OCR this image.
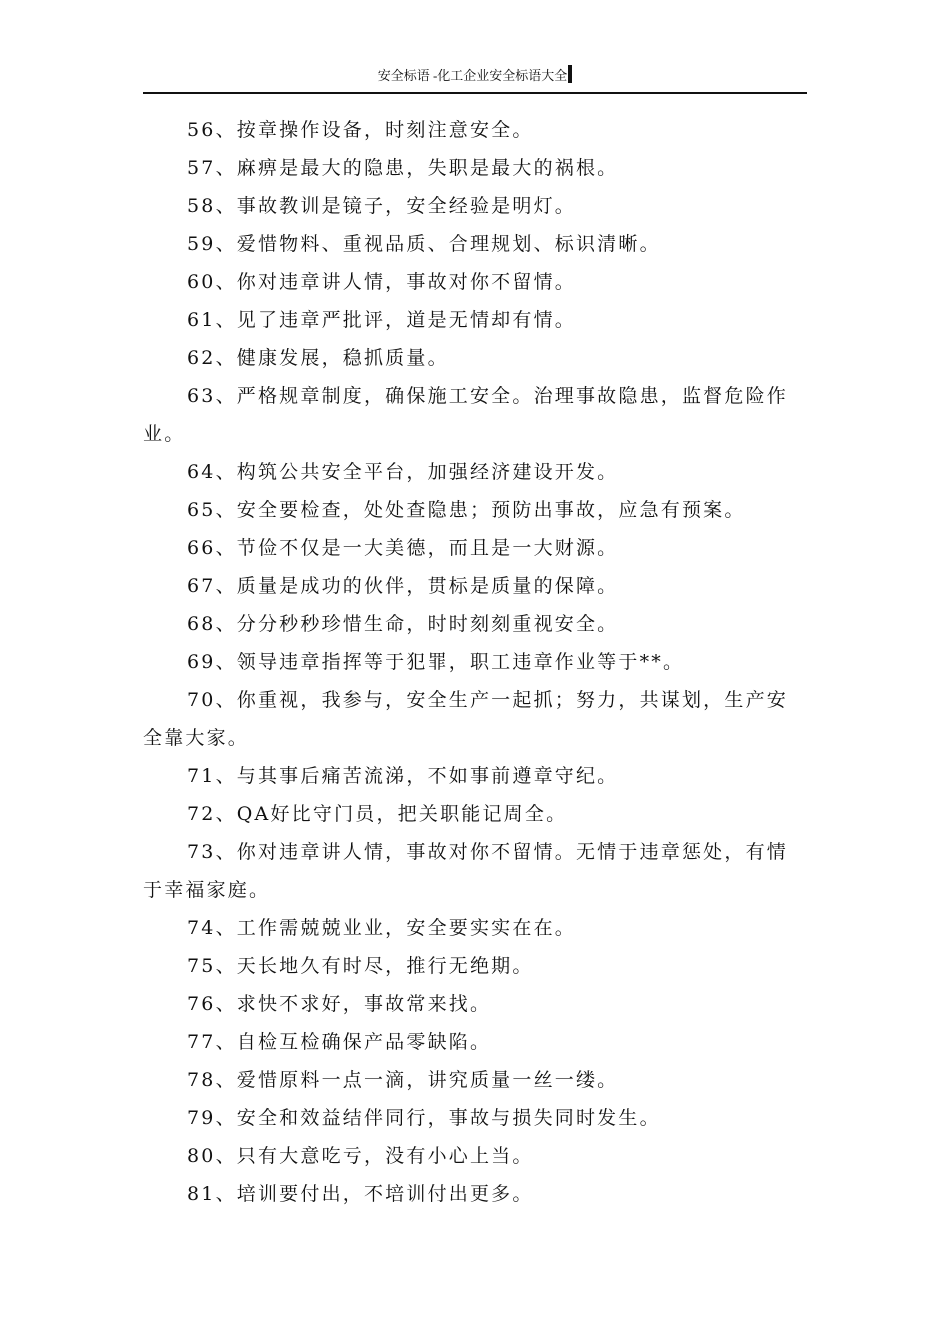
安全标语 -化工企业安全标语大全

56、按章操作设备，时刻注意安全。

57、麻痹是最大的隐患，失职是最大的祸根。

58、事故教训是镜子，安全经验是明灯。

59、爱惜物料、重视品质、合理规划、标识清晰。

60、你对违章讲人情，事故对你不留情。

61、见了违章严批评，道是无情却有情。

62、健康发展，稳抓质量。

63、严格规章制度，确保施工安全。治理事故隐患，监督危险作业。

64、构筑公共安全平台，加强经济建设开发。

65、安全要检查，处处查隐患；预防出事故，应急有预案。

66、节俭不仅是一大美德，而且是一大财源。

67、质量是成功的伙伴，贯标是质量的保障。

68、分分秒秒珍惜生命，时时刻刻重视安全。

69、领导违章指挥等于犯罪，职工违章作业等于**。

70、你重视，我参与，安全生产一起抓；努力，共谋划，生产安全靠大家。

71、与其事后痛苦流涕，不如事前遵章守纪。

72、QA好比守门员，把关职能记周全。

73、你对违章讲人情，事故对你不留情。无情于违章惩处，有情于幸福家庭。

74、工作需兢兢业业，安全要实实在在。

75、天长地久有时尽，推行无绝期。

76、求快不求好，事故常来找。

77、自检互检确保产品零缺陷。

78、爱惜原料一点一滴，讲究质量一丝一缕。

79、安全和效益结伴同行，事故与损失同时发生。

80、只有大意吃亏，没有小心上当。

81、培训要付出，不培训付出更多。
